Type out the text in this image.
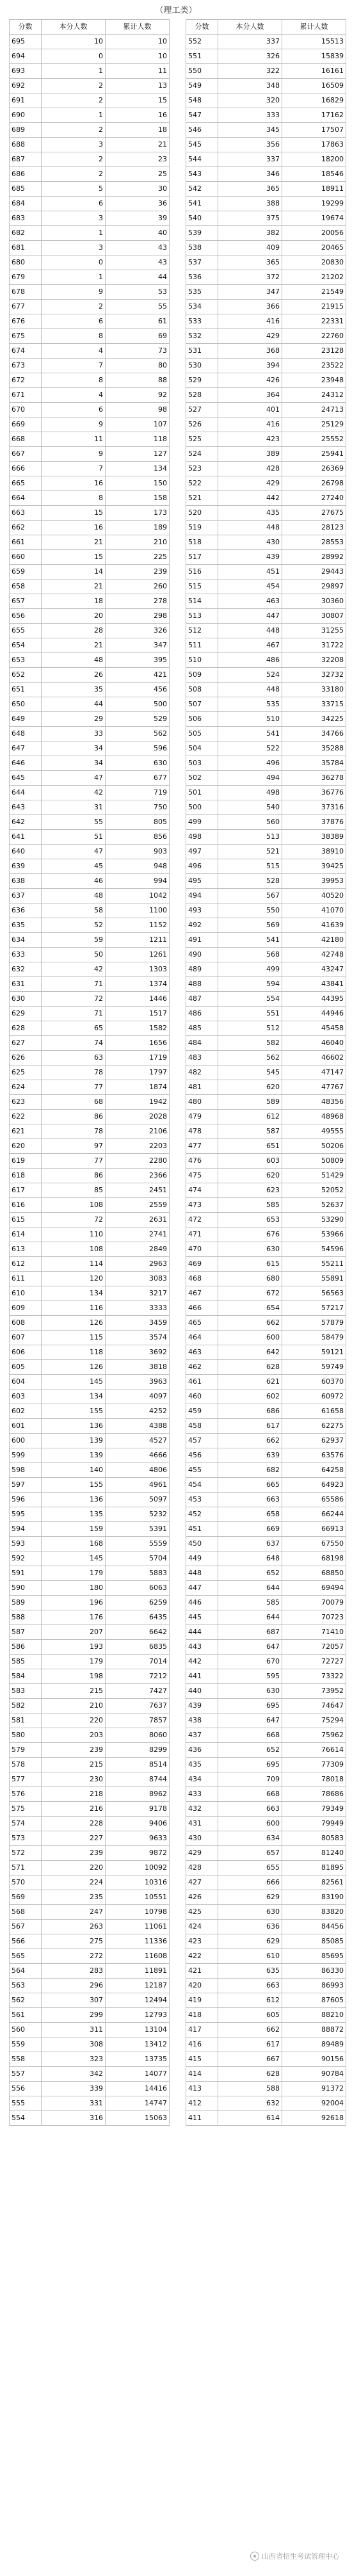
（理工类）
分数	本分人数	累计人数
695	10	10
694	0	10
693	1	11
692	2	13
691	2	15
690	1	16
689	2	18
688	3	21
687	2	23
686	2	25
685	5	30
684	6	36
683	3	39
682	1	40
681	3	43
680	0	43
679	1	44
678	9	53
677	2	55
676	6	61
675	8	69
674	4	73
673	7	80
672	8	88
671	4	92
670	6	98
669	9	107
668	11	118
667	9	127
666	7	134
665	16	150
664	8	158
663	15	173
662	16	189
661	21	210
660	15	225
659	14	239
658	21	260
657	18	278
656	20	298
655	28	326
654	21	347
653	48	395
652	26	421
651	35	456
650	44	500
649	29	529
648	33	562
647	34	596
646	34	630
645	47	677
644	42	719
643	31	750
642	55	805
641	51	856
640	47	903
639	45	948
638	46	994
637	48	1042
636	58	1100
635	52	1152
634	59	1211
633	50	1261
632	42	1303
631	71	1374
630	72	1446
629	71	1517
628	65	1582
627	74	1656
626	63	1719
625	78	1797
624	77	1874
623	68	1942
622	86	2028
621	78	2106
620	97	2203
619	77	2280
618	86	2366
617	85	2451
616	108	2559
615	72	2631
614	110	2741
613	108	2849
612	114	2963
611	120	3083
610	134	3217
609	116	3333
608	126	3459
607	115	3574
606	118	3692
605	126	3818
604	145	3963
603	134	4097
602	155	4252
601	136	4388
600	139	4527
599	139	4666
598	140	4806
597	155	4961
596	136	5097
595	135	5232
594	159	5391
593	168	5559
592	145	5704
591	179	5883
590	180	6063
589	196	6259
588	176	6435
587	207	6642
586	193	6835
585	179	7014
584	198	7212
583	215	7427
582	210	7637
581	220	7857
580	203	8060
579	239	8299
578	215	8514
577	230	8744
576	218	8962
575	216	9178
574	228	9406
573	227	9633
572	239	9872
571	220	10092
570	224	10316
569	235	10551
568	247	10798
567	263	11061
566	275	11336
565	272	11608
564	283	11891
563	296	12187
562	307	12494
561	299	12793
560	311	13104
559	308	13412
558	323	13735
557	342	14077
556	339	14416
555	331	14747
554	316	15063
分数	本分人数	累计人数
552	337	15513
551	326	15839
550	322	16161
549	348	16509
548	320	16829
547	333	17162
546	345	17507
545	356	17863
544	337	18200
543	346	18546
542	365	18911
541	388	19299
540	375	19674
539	382	20056
538	409	20465
537	365	20830
536	372	21202
535	347	21549
534	366	21915
533	416	22331
532	429	22760
531	368	23128
530	394	23522
529	426	23948
528	364	24312
527	401	24713
526	416	25129
525	423	25552
524	389	25941
523	428	26369
522	429	26798
521	442	27240
520	435	27675
519	448	28123
518	430	28553
517	439	28992
516	451	29443
515	454	29897
514	463	30360
513	447	30807
512	448	31255
511	467	31722
510	486	32208
509	524	32732
508	448	33180
507	535	33715
506	510	34225
505	541	34766
504	522	35288
503	496	35784
502	494	36278
501	498	36776
500	540	37316
499	560	37876
498	513	38389
497	521	38910
496	515	39425
495	528	39953
494	567	40520
493	550	41070
492	569	41639
491	541	42180
490	568	42748
489	499	43247
488	594	43841
487	554	44395
486	551	44946
485	512	45458
484	582	46040
483	562	46602
482	545	47147
481	620	47767
480	589	48356
479	612	48968
478	587	49555
477	651	50206
476	603	50809
475	620	51429
474	623	52052
473	585	52637
472	653	53290
471	676	53966
470	630	54596
469	615	55211
468	680	55891
467	672	56563
466	654	57217
465	662	57879
464	600	58479
463	642	59121
462	628	59749
461	621	60370
460	602	60972
459	686	61658
458	617	62275
457	662	62937
456	639	63576
455	682	64258
454	665	64923
453	663	65586
452	658	66244
451	669	66913
450	637	67550
449	648	68198
448	652	68850
447	644	69494
446	585	70079
445	644	70723
444	687	71410
443	647	72057
442	670	72727
441	595	73322
440	630	73952
439	695	74647
438	647	75294
437	668	75962
436	652	76614
435	695	77309
434	709	78018
433	668	78686
432	663	79349
431	600	79949
430	634	80583
429	657	81240
428	655	81895
427	666	82561
426	629	83190
425	630	83820
424	636	84456
423	629	85085
422	610	85695
421	635	86330
420	663	86993
419	612	87605
418	605	88210
417	662	88872
416	617	89489
415	667	90156
414	628	90784
413	588	91372
412	632	92004
411	614	92618
山西省招生考试管理中心
